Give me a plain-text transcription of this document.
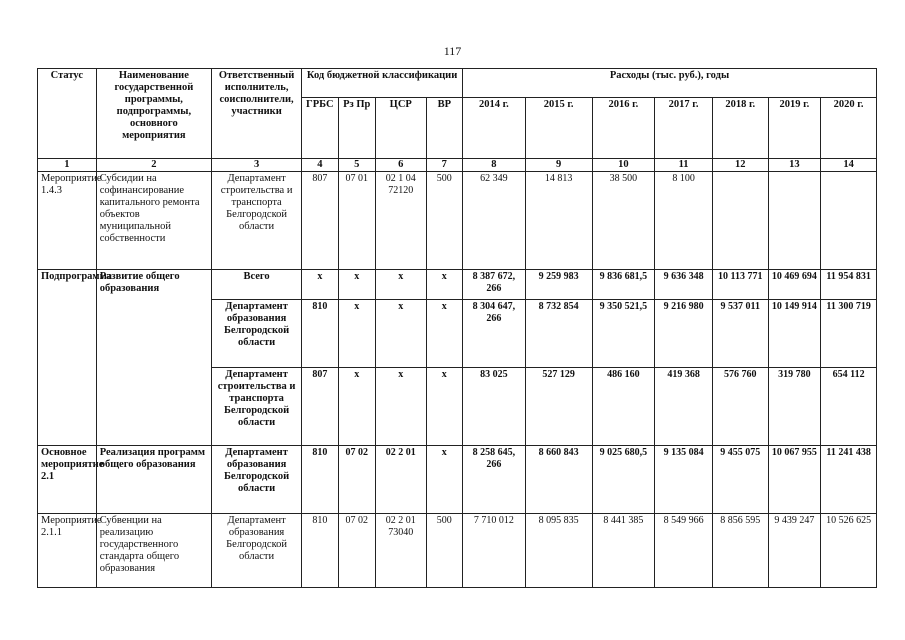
117
Статус	Наименование государственной программы, подпрограммы, основного мероприятия	Ответственный исполнитель, соисполнители, участники	Код бюджетной классификации				Расходы (тыс. руб.), годы						
			ГРБС	Рз Пр	ЦСР	ВР	2014 г.	2015 г.	2016 г.	2017 г.	2018 г.	2019 г.	2020 г.
1	2	3	4	5	6	7	8	9	10	11	12	13	14
Мероприятие 1.4.3	Субсидии на софинансирование капитального ремонта объектов муниципальной собственности	Департамент строительства и транспорта Белгородской области	807	07 01	02 1 04 72120	500	62 349	14 813	38 500	8 100			
Подпрограмма	Развитие общего образования	Всего	х	х	х	х	8 387 672, 266	9 259 983	9 836 681,5	9 636 348	10 113 771	10 469 694	11 954 831
		Департамент образования Белгородской области	810	х	х	х	8 304 647, 266	8 732 854	9 350 521,5	9 216 980	9 537 011	10 149 914	11 300 719
		Департамент строительства и транспорта Белгородской области	807	х	х	х	83 025	527 129	486 160	419 368	576 760	319 780	654 112
Основное мероприятие 2.1	Реализация программ общего образования	Департамент образования Белгородской области	810	07 02	02 2 01	х	8 258 645, 266	8 660 843	9 025 680,5	9 135 084	9 455 075	10 067 955	11 241 438
Мероприятие 2.1.1	Субвенции на реализацию государственного стандарта общего образования	Департамент образования Белгородской области	810	07 02	02 2 01 73040	500	7 710 012	8 095 835	8 441 385	8 549 966	8 856 595	9 439 247	10 526 625
